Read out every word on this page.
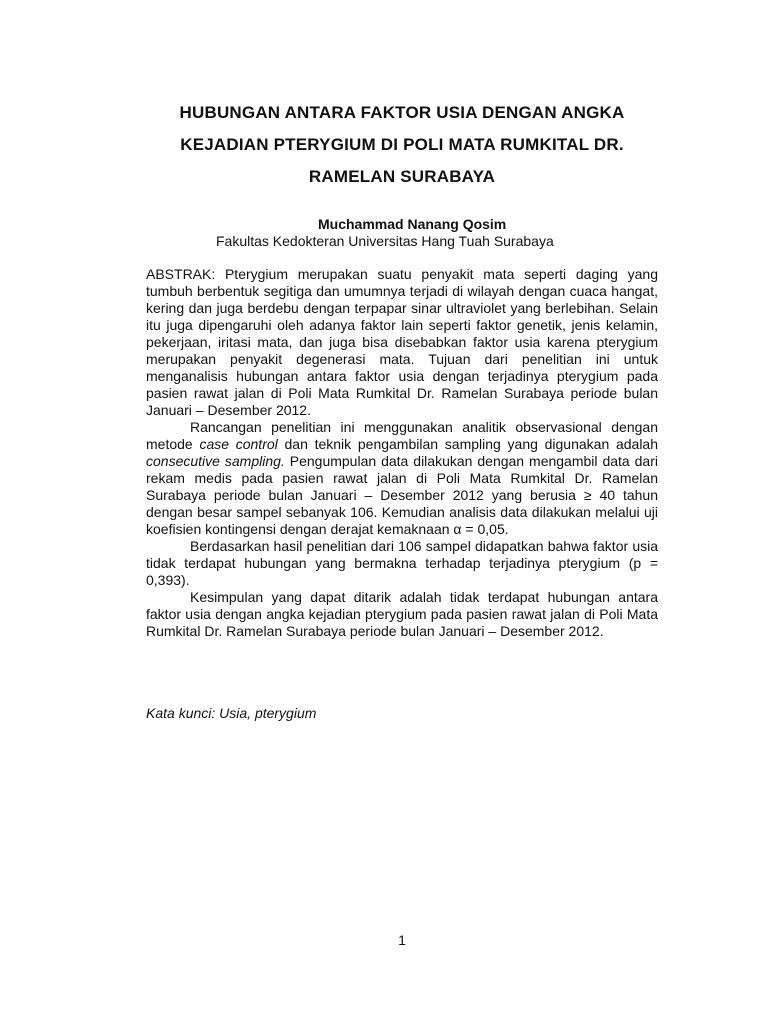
HUBUNGAN ANTARA FAKTOR USIA DENGAN ANGKA
KEJADIAN PTERYGIUM DI POLI MATA RUMKITAL DR.
RAMELAN SURABAYA

Muchammad Nanang Qosim

Fakultas Kedokteran Universitas Hang Tuah Surabaya

ABSTRAK: Pterygium merupakan suatu penyakit mata seperti daging yang tumbuh berbentuk segitiga dan umumnya terjadi di wilayah dengan cuaca hangat, kering dan juga berdebu dengan terpapar sinar ultraviolet yang berlebihan. Selain itu juga dipengaruhi oleh adanya faktor lain seperti faktor genetik, jenis kelamin, pekerjaan, iritasi mata, dan juga bisa disebabkan faktor usia karena pterygium merupakan penyakit degenerasi mata. Tujuan dari penelitian ini untuk menganalisis hubungan antara faktor usia dengan terjadinya pterygium pada pasien rawat jalan di Poli Mata Rumkital Dr. Ramelan Surabaya periode bulan Januari – Desember 2012.

Rancangan penelitian ini menggunakan analitik observasional dengan metode case control dan teknik pengambilan sampling yang digunakan adalah consecutive sampling. Pengumpulan data dilakukan dengan mengambil data dari rekam medis pada pasien rawat jalan di Poli Mata Rumkital Dr. Ramelan Surabaya periode bulan Januari – Desember 2012 yang berusia ≥ 40 tahun dengan besar sampel sebanyak 106. Kemudian analisis data dilakukan melalui uji koefisien kontingensi dengan derajat kemaknaan α = 0,05.

Berdasarkan hasil penelitian dari 106 sampel didapatkan bahwa faktor usia tidak terdapat hubungan yang bermakna terhadap terjadinya pterygium (p = 0,393).

Kesimpulan yang dapat ditarik adalah tidak terdapat hubungan antara faktor usia dengan angka kejadian pterygium pada pasien rawat jalan di Poli Mata Rumkital Dr. Ramelan Surabaya periode bulan Januari – Desember 2012.

Kata kunci: Usia, pterygium

1
